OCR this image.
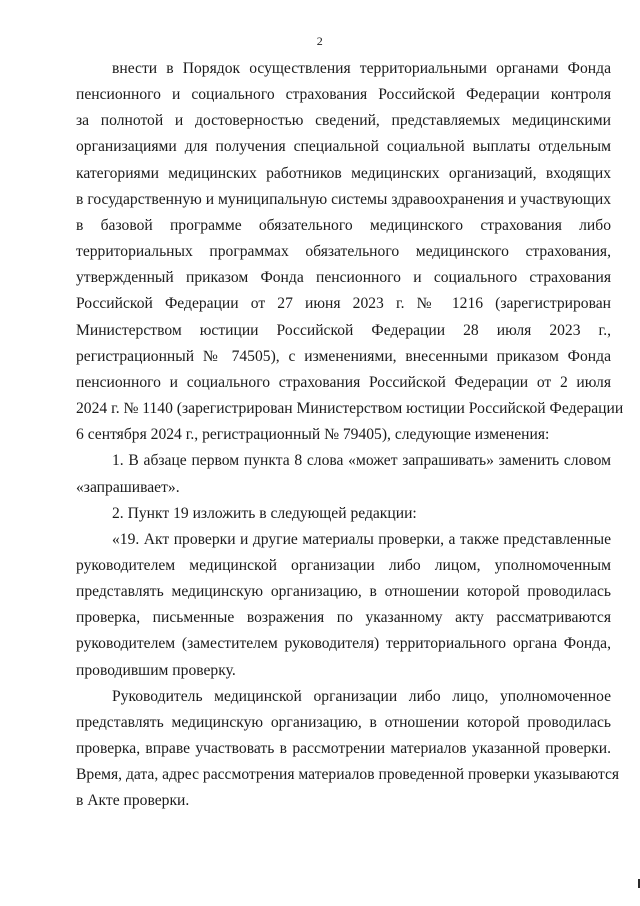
2
внести в Порядок осуществления территориальными органами Фонда
пенсионного и социального страхования Российской Федерации контроля
за полнотой и достоверностью сведений, представляемых медицинскими
организациями для получения специальной социальной выплаты отдельным
категориями медицинских работников медицинских организаций, входящих
в государственную и муниципальную системы здравоохранения и участвующих
в базовой программе обязательного медицинского страхования либо
территориальных программах обязательного медицинского страхования,
утвержденный приказом Фонда пенсионного и социального страхования
Российской Федерации от 27 июня 2023 г. № 1216 (зарегистрирован
Министерством юстиции Российской Федерации 28 июля 2023 г.,
регистрационный № 74505), с изменениями, внесенными приказом Фонда
пенсионного и социального страхования Российской Федерации от 2 июля
2024 г. № 1140 (зарегистрирован Министерством юстиции Российской Федерации
6 сентября 2024 г., регистрационный № 79405), следующие изменения:
1. В абзаце первом пункта 8 слова «может запрашивать» заменить словом
«запрашивает».
2. Пункт 19 изложить в следующей редакции:
«19. Акт проверки и другие материалы проверки, а также представленные
руководителем медицинской организации либо лицом, уполномоченным
представлять медицинскую организацию, в отношении которой проводилась
проверка, письменные возражения по указанному акту рассматриваются
руководителем (заместителем руководителя) территориального органа Фонда,
проводившим проверку.
Руководитель медицинской организации либо лицо, уполномоченное
представлять медицинскую организацию, в отношении которой проводилась
проверка, вправе участвовать в рассмотрении материалов указанной проверки.
Время, дата, адрес рассмотрения материалов проведенной проверки указываются
в Акте проверки.
